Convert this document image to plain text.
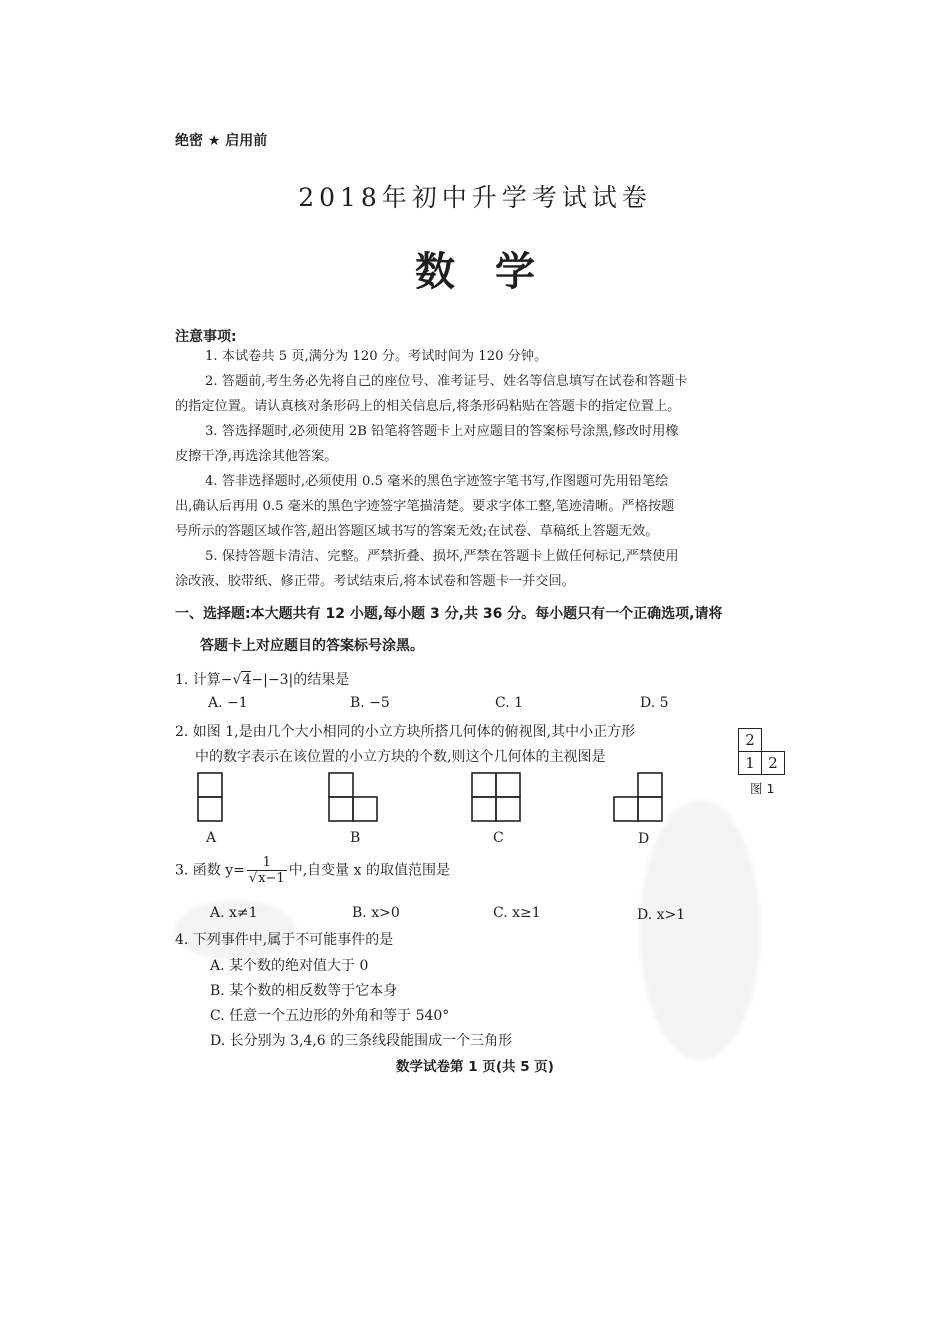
绝密 ★ 启用前
2018年初中升学考试试卷
数学
注意事项:
1. 本试卷共 5 页,满分为 120 分。考试时间为 120 分钟。
2. 答题前,考生务必先将自己的座位号、准考证号、姓名等信息填写在试卷和答题卡
的指定位置。请认真核对条形码上的相关信息后,将条形码粘贴在答题卡的指定位置上。
3. 答选择题时,必须使用 2B 铅笔将答题卡上对应题目的答案标号涂黑,修改时用橡
皮擦干净,再选涂其他答案。
4. 答非选择题时,必须使用 0.5 毫米的黑色字迹签字笔书写,作图题可先用铅笔绘
出,确认后再用 0.5 毫米的黑色字迹签字笔描清楚。要求字体工整,笔迹清晰。严格按题
号所示的答题区域作答,超出答题区域书写的答案无效;在试卷、草稿纸上答题无效。
5. 保持答题卡清洁、完整。严禁折叠、损坏,严禁在答题卡上做任何标记,严禁使用
涂改液、胶带纸、修正带。考试结束后,将本试卷和答题卡一并交回。
一、选择题:本大题共有 12 小题,每小题 3 分,共 36 分。每小题只有一个正确选项,请将
答题卡上对应题目的答案标号涂黑。
1. 计算−√4−|−3|的结果是
A. −1	B. −5	C. 1	D. 5
2. 如图 1,是由几个大小相同的小立方块所搭几何体的俯视图,其中小正方形
中的数字表示在该位置的小立方块的个数,则这个几何体的主视图是
2
1 2
图 1
A	B	C	D
3. 函数 $y= \frac{1}{√x-1}$ 中,自变量 x 的取值范围是
A. x≠1	B. x>0	C. x≥1	D. x>1
4. 下列事件中,属于不可能事件的是
A. 某个数的绝对值大于 0
B. 某个数的相反数等于它本身
C. 任意一个五边形的外角和等于 540°
D. 长分别为 3,4,6 的三条线段能围成一个三角形
数学试卷第 1 页(共 5 页)
